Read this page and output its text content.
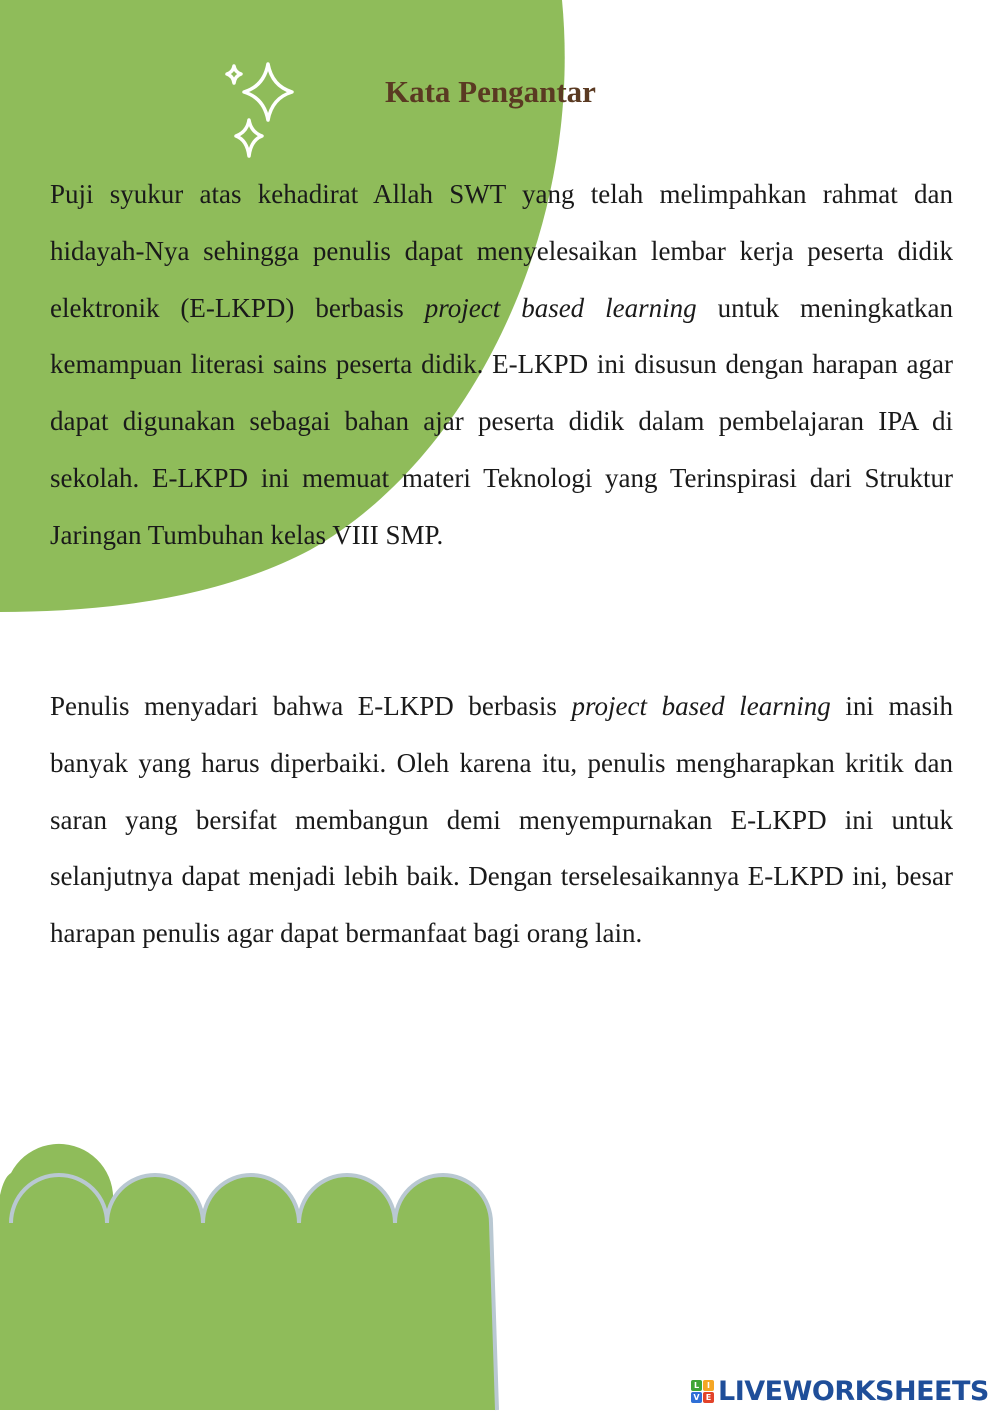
Kata Pengantar

Puji syukur atas kehadirat Allah SWT yang telah melimpahkan rahmat dan hidayah-Nya sehingga penulis dapat menyelesaikan lembar kerja peserta didik elektronik (E-LKPD) berbasis project based learning untuk meningkatkan kemampuan literasi sains peserta didik. E-LKPD ini disusun dengan harapan agar dapat digunakan sebagai bahan ajar peserta didik dalam pembelajaran IPA di sekolah. E-LKPD ini memuat materi Teknologi yang Terinspirasi dari Struktur Jaringan Tumbuhan kelas VIII SMP.

Penulis menyadari bahwa E-LKPD berbasis project based learning ini masih banyak yang harus diperbaiki. Oleh karena itu, penulis mengharapkan kritik dan saran yang bersifat membangun demi menyempurnakan E-LKPD ini untuk selanjutnya dapat menjadi lebih baik. Dengan terselesaikannya E-LKPD ini, besar harapan penulis agar dapat bermanfaat bagi orang lain.

L I
V E LIVEWORKSHEETS
